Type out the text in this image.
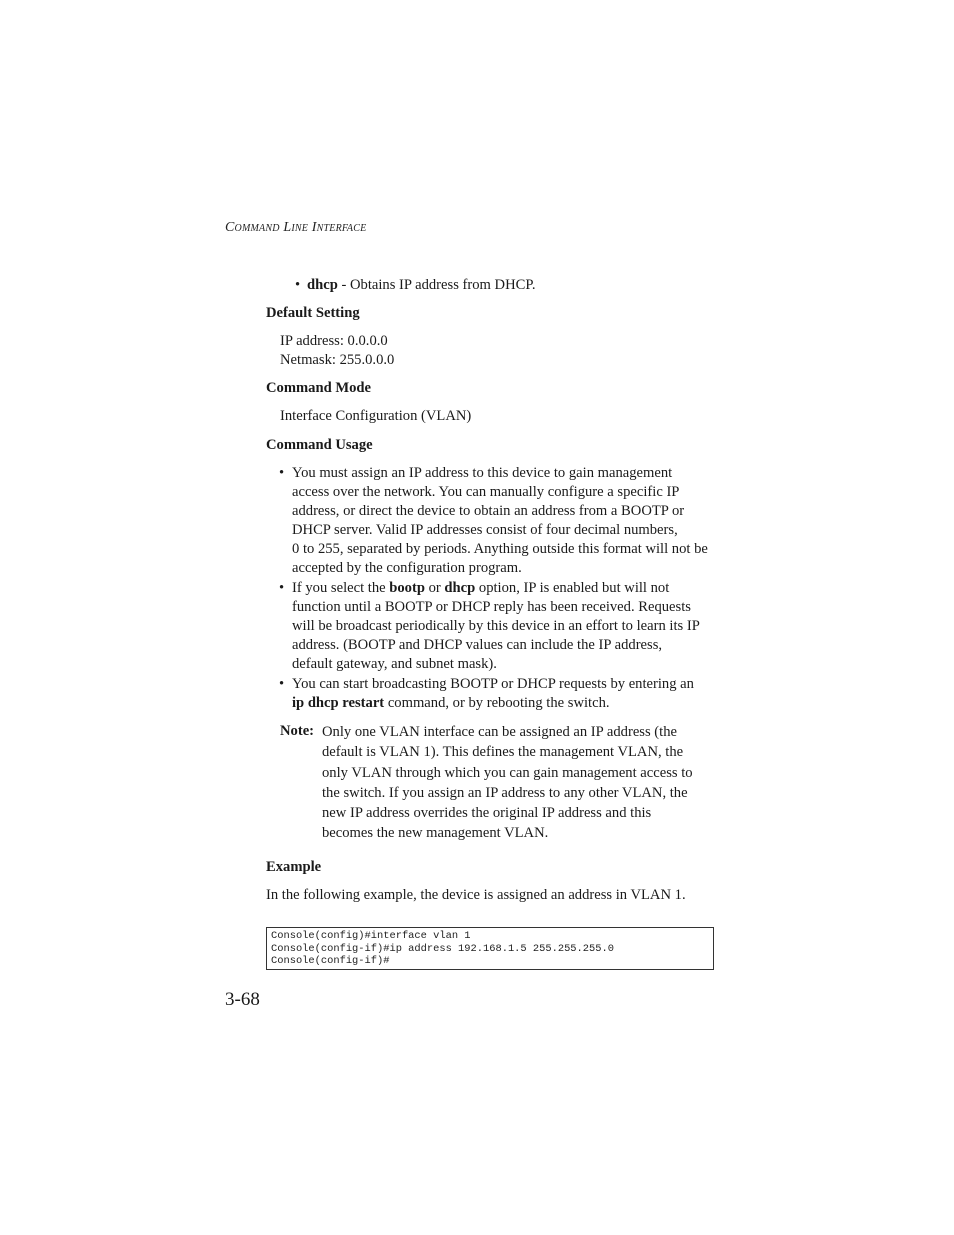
COMMAND LINE INTERFACE
• dhcp - Obtains IP address from DHCP.
Default Setting
IP address: 0.0.0.0
Netmask: 255.0.0.0
Command Mode
Interface Configuration (VLAN)
Command Usage
• You must assign an IP address to this device to gain management
access over the network. You can manually configure a specific IP
address, or direct the device to obtain an address from a BOOTP or
DHCP server. Valid IP addresses consist of four decimal numbers,
0 to 255, separated by periods. Anything outside this format will not be
accepted by the configuration program.
• If you select the bootp or dhcp option, IP is enabled but will not
function until a BOOTP or DHCP reply has been received. Requests
will be broadcast periodically by this device in an effort to learn its IP
address. (BOOTP and DHCP values can include the IP address,
default gateway, and subnet mask).
• You can start broadcasting BOOTP or DHCP requests by entering an
ip dhcp restart command, or by rebooting the switch.
Note: Only one VLAN interface can be assigned an IP address (the
default is VLAN 1). This defines the management VLAN, the
only VLAN through which you can gain management access to
the switch. If you assign an IP address to any other VLAN, the
new IP address overrides the original IP address and this
becomes the new management VLAN.
Example
In the following example, the device is assigned an address in VLAN 1.
Console(config)#interface vlan 1
Console(config-if)#ip address 192.168.1.5 255.255.255.0
Console(config-if)#
3-68
